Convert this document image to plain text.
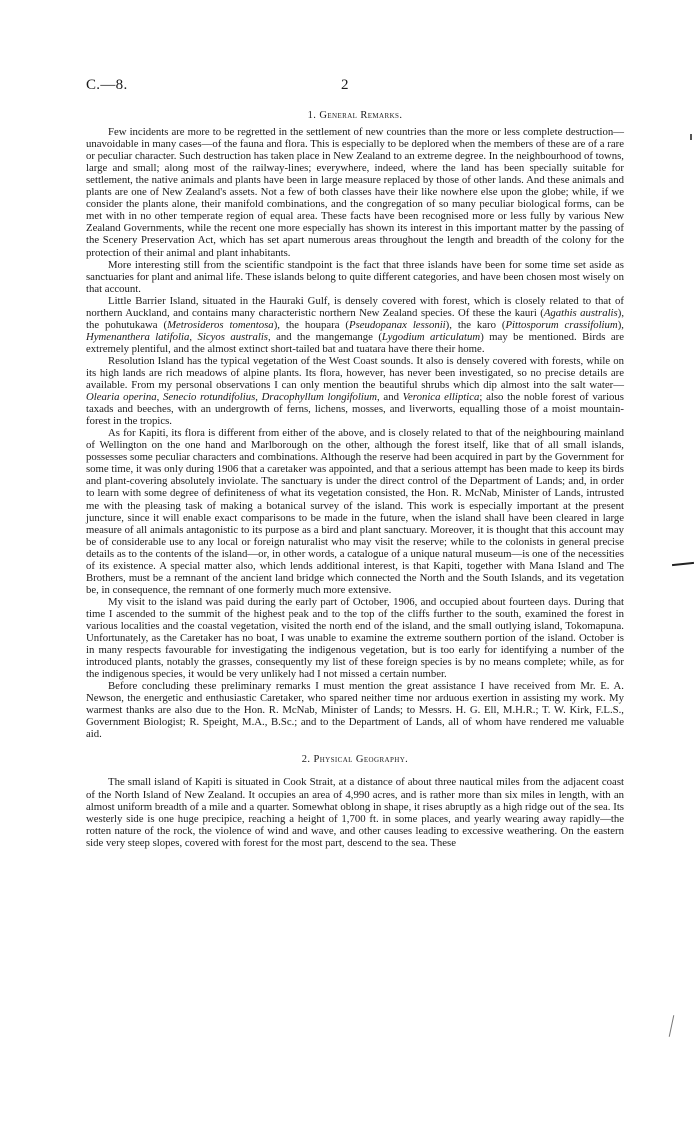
C.—8.	2
1. General Remarks.

Few incidents are more to be regretted in the settlement of new countries than the more or less complete destruction—unavoidable in many cases—of the fauna and flora. This is especially to be deplored when the members of these are of a rare or peculiar character. Such destruction has taken place in New Zealand to an extreme degree. In the neighbourhood of towns, large and small; along most of the railway-lines; everywhere, indeed, where the land has been specially suitable for settlement, the native animals and plants have been in large measure replaced by those of other lands. And these animals and plants are one of New Zealand's assets. Not a few of both classes have their like nowhere else upon the globe; while, if we consider the plants alone, their manifold combinations, and the congregation of so many peculiar biological forms, can be met with in no other temperate region of equal area. These facts have been recognised more or less fully by various New Zealand Governments, while the recent one more especially has shown its interest in this important matter by the passing of the Scenery Preservation Act, which has set apart numerous areas throughout the length and breadth of the colony for the protection of their animal and plant inhabitants.

More interesting still from the scientific standpoint is the fact that three islands have been for some time set aside as sanctuaries for plant and animal life. These islands belong to quite different categories, and have been chosen most wisely on that account.

Little Barrier Island, situated in the Hauraki Gulf, is densely covered with forest, which is closely related to that of northern Auckland, and contains many characteristic northern New Zealand species. Of these the kauri (Agathis australis), the pohutukawa (Metrosideros tomentosa), the houpara (Pseudopanax lessonii), the karo (Pittosporum crassifolium), Hymenanthera latifolia, Sicyos australis, and the mangemange (Lygodium articulatum) may be mentioned. Birds are extremely plentiful, and the almost extinct short-tailed bat and tuatara have there their home.

Resolution Island has the typical vegetation of the West Coast sounds. It also is densely covered with forests, while on its high lands are rich meadows of alpine plants. Its flora, however, has never been investigated, so no precise details are available. From my personal observations I can only mention the beautiful shrubs which dip almost into the salt water—Olearia operina, Senecio rotundifolius, Dracophyllum longifolium, and Veronica elliptica; also the noble forest of various taxads and beeches, with an undergrowth of ferns, lichens, mosses, and liverworts, equalling those of a moist mountain-forest in the tropics.

As for Kapiti, its flora is different from either of the above, and is closely related to that of the neighbouring mainland of Wellington on the one hand and Marlborough on the other, although the forest itself, like that of all small islands, possesses some peculiar characters and combinations. Although the reserve had been acquired in part by the Government for some time, it was only during 1906 that a caretaker was appointed, and that a serious attempt has been made to keep its birds and plant-covering absolutely inviolate. The sanctuary is under the direct control of the Department of Lands; and, in order to learn with some degree of definiteness of what its vegetation consisted, the Hon. R. McNab, Minister of Lands, intrusted me with the pleasing task of making a botanical survey of the island. This work is especially important at the present juncture, since it will enable exact comparisons to be made in the future, when the island shall have been cleared in large measure of all animals antagonistic to its purpose as a bird and plant sanctuary. Moreover, it is thought that this account may be of considerable use to any local or foreign naturalist who may visit the reserve; while to the colonists in general precise details as to the contents of the island—or, in other words, a catalogue of a unique natural museum—is one of the necessities of its existence. A special matter also, which lends additional interest, is that Kapiti, together with Mana Island and The Brothers, must be a remnant of the ancient land bridge which connected the North and the South Islands, and its vegetation be, in consequence, the remnant of one formerly much more extensive.

My visit to the island was paid during the early part of October, 1906, and occupied about fourteen days. During that time I ascended to the summit of the highest peak and to the top of the cliffs further to the south, examined the forest in various localities and the coastal vegetation, visited the north end of the island, and the small outlying island, Tokomapuna. Unfortunately, as the Caretaker has no boat, I was unable to examine the extreme southern portion of the island. October is in many respects favourable for investigating the indigenous vegetation, but is too early for identifying a number of the introduced plants, notably the grasses, consequently my list of these foreign species is by no means complete; while, as for the indigenous species, it would be very unlikely had I not missed a certain number.

Before concluding these preliminary remarks I must mention the great assistance I have received from Mr. E. A. Newson, the energetic and enthusiastic Caretaker, who spared neither time nor arduous exertion in assisting my work. My warmest thanks are also due to the Hon. R. McNab, Minister of Lands; to Messrs. H. G. Ell, M.H.R.; T. W. Kirk, F.L.S., Government Biologist; R. Speight, M.A., B.Sc.; and to the Department of Lands, all of whom have rendered me valuable aid.

2. Physical Geography.

The small island of Kapiti is situated in Cook Strait, at a distance of about three nautical miles from the adjacent coast of the North Island of New Zealand. It occupies an area of 4,990 acres, and is rather more than six miles in length, with an almost uniform breadth of a mile and a quarter. Somewhat oblong in shape, it rises abruptly as a high ridge out of the sea. Its westerly side is one huge precipice, reaching a height of 1,700 ft. in some places, and yearly wearing away rapidly—the rotten nature of the rock, the violence of wind and wave, and other causes leading to excessive weathering. On the eastern side very steep slopes, covered with forest for the most part, descend to the sea. These
